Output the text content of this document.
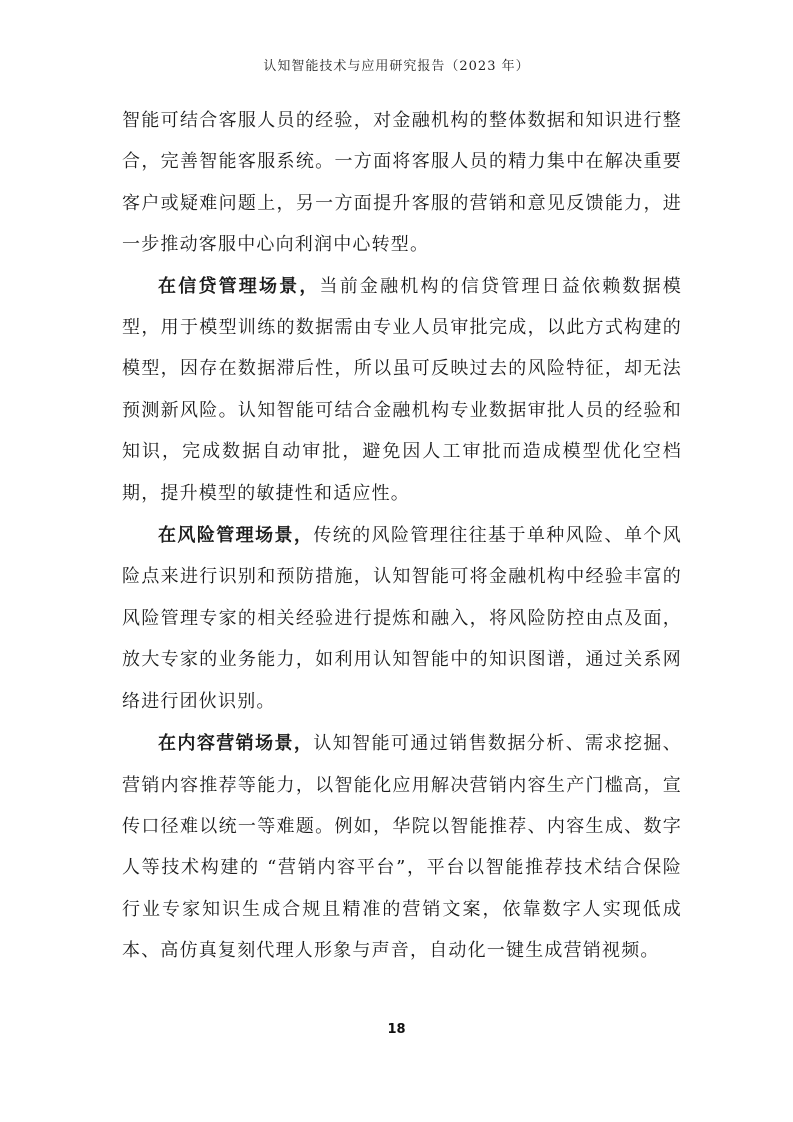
认知智能技术与应用研究报告（2023 年）

智能可结合客服人员的经验，对金融机构的整体数据和知识进行整合，完善智能客服系统。一方面将客服人员的精力集中在解决重要客户或疑难问题上，另一方面提升客服的营销和意见反馈能力，进一步推动客服中心向利润中心转型。

在信贷管理场景，当前金融机构的信贷管理日益依赖数据模型，用于模型训练的数据需由专业人员审批完成，以此方式构建的模型，因存在数据滞后性，所以虽可反映过去的风险特征，却无法预测新风险。认知智能可结合金融机构专业数据审批人员的经验和知识，完成数据自动审批，避免因人工审批而造成模型优化空档期，提升模型的敏捷性和适应性。

在风险管理场景，传统的风险管理往往基于单种风险、单个风险点来进行识别和预防措施，认知智能可将金融机构中经验丰富的风险管理专家的相关经验进行提炼和融入，将风险防控由点及面，放大专家的业务能力，如利用认知智能中的知识图谱，通过关系网络进行团伙识别。

在内容营销场景，认知智能可通过销售数据分析、需求挖掘、营销内容推荐等能力，以智能化应用解决营销内容生产门槛高，宣传口径难以统一等难题。例如，华院以智能推荐、内容生成、数字人等技术构建的 “营销内容平台”，平台以智能推荐技术结合保险行业专家知识生成合规且精准的营销文案，依靠数字人实现低成本、高仿真复刻代理人形象与声音，自动化一键生成营销视频。

18
